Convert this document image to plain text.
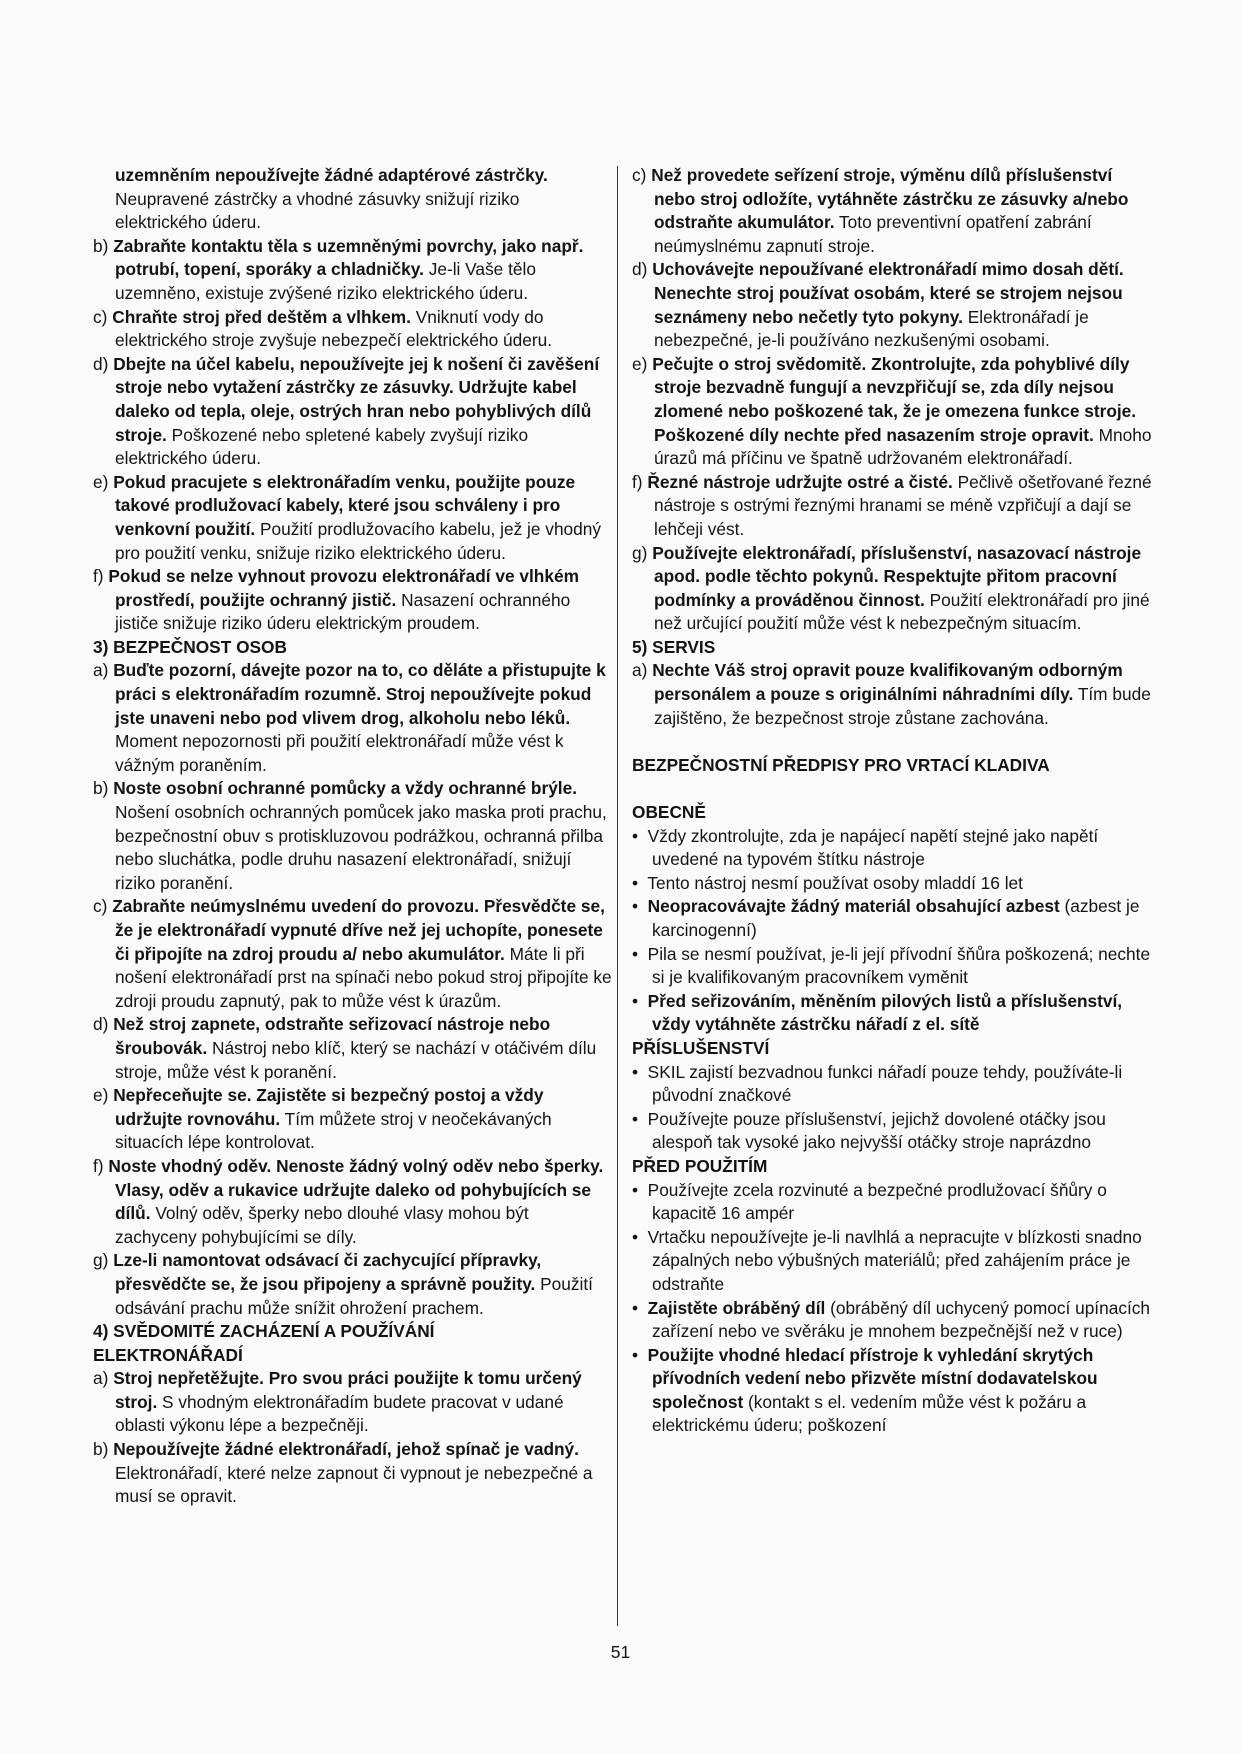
uzemněním nepoužívejte žádné adaptérové zástrčky. Neupravené zástrčky a vhodné zásuvky snižují riziko elektrického úderu.

b) Zabraňte kontaktu těla s uzemněnými povrchy, jako např. potrubí, topení, sporáky a chladničky. Je-li Vaše tělo uzemněno, existuje zvýšené riziko elektrického úderu.

c) Chraňte stroj před deštěm a vlhkem. Vniknutí vody do elektrického stroje zvyšuje nebezpečí elektrického úderu.

d) Dbejte na účel kabelu, nepoužívejte jej k nošení či zavěšení stroje nebo vytažení zástrčky ze zásuvky. Udržujte kabel daleko od tepla, oleje, ostrých hran nebo pohyblivých dílů stroje. Poškozené nebo spletené kabely zvyšují riziko elektrického úderu.

e) Pokud pracujete s elektronářadím venku, použijte pouze takové prodlužovací kabely, které jsou schváleny i pro venkovní použití. Použití prodlužovacího kabelu, jež je vhodný pro použití venku, snižuje riziko elektrického úderu.

f) Pokud se nelze vyhnout provozu elektronářadí ve vlhkém prostředí, použijte ochranný jistič. Nasazení ochranného jističe snižuje riziko úderu elektrickým proudem.

3) BEZPEČNOST OSOB

a) Buďte pozorní, dávejte pozor na to, co děláte a přistupujte k práci s elektronářadím rozumně. Stroj nepoužívejte pokud jste unaveni nebo pod vlivem drog, alkoholu nebo léků. Moment nepozornosti při použití elektronářadí může vést k vážným poraněním.

b) Noste osobní ochranné pomůcky a vždy ochranné brýle. Nošení osobních ochranných pomůcek jako maska proti prachu, bezpečnostní obuv s protiskluzovou podrážkou, ochranná přilba nebo sluchátka, podle druhu nasazení elektronářadí, snižují riziko poranění.

c) Zabraňte neúmyslnému uvedení do provozu. Přesvědčte se, že je elektronářadí vypnuté dříve než jej uchopíte, ponesete či připojíte na zdroj proudu a/ nebo akumulátor. Máte li při nošení elektronářadí prst na spínači nebo pokud stroj připojíte ke zdroji proudu zapnutý, pak to může vést k úrazům.

d) Než stroj zapnete, odstraňte seřizovací nástroje nebo šroubovák. Nástroj nebo klíč, který se nachází v otáčivém dílu stroje, může vést k poranění.

e) Nepřeceňujte se. Zajistěte si bezpečný postoj a vždy udržujte rovnováhu. Tím můžete stroj v neočekávaných situacích lépe kontrolovat.

f) Noste vhodný oděv. Nenoste žádný volný oděv nebo šperky. Vlasy, oděv a rukavice udržujte daleko od pohybujících se dílů. Volný oděv, šperky nebo dlouhé vlasy mohou být zachyceny pohybujícími se díly.

g) Lze-li namontovat odsávací či zachycující přípravky, přesvědčte se, že jsou připojeny a správně použity. Použití odsávání prachu může snížit ohrožení prachem.

4) SVĚDOMITÉ ZACHÁZENÍ A POUŽÍVÁNÍ ELEKTRONÁŘADÍ

a) Stroj nepřetěžujte. Pro svou práci použijte k tomu určený stroj. S vhodným elektronářadím budete pracovat v udané oblasti výkonu lépe a bezpečněji.

b) Nepoužívejte žádné elektronářadí, jehož spínač je vadný. Elektronářadí, které nelze zapnout či vypnout je nebezpečné a musí se opravit.

c) Než provedete seřízení stroje, výměnu dílů příslušenství nebo stroj odložíte, vytáhněte zástrčku ze zásuvky a/nebo odstraňte akumulátor. Toto preventivní opatření zabrání neúmyslnému zapnutí stroje.

d) Uchovávejte nepoužívané elektronářadí mimo dosah dětí. Nenechte stroj používat osobám, které se strojem nejsou seznámeny nebo nečetly tyto pokyny. Elektronářadí je nebezpečné, je-li používáno nezkušenými osobami.

e) Pečujte o stroj svědomitě. Zkontrolujte, zda pohyblivé díly stroje bezvadně fungují a nevzpřičují se, zda díly nejsou zlomené nebo poškozené tak, že je omezena funkce stroje. Poškozené díly nechte před nasazením stroje opravit. Mnoho úrazů má příčinu ve špatně udržovaném elektronářadí.

f) Řezné nástroje udržujte ostré a čisté. Pečlivě ošetřované řezné nástroje s ostrými řeznými hranami se méně vzpřičují a dají se lehčeji vést.

g) Používejte elektronářadí, příslušenství, nasazovací nástroje apod. podle těchto pokynů. Respektujte přitom pracovní podmínky a prováděnou činnost. Použití elektronářadí pro jiné než určující použití může vést k nebezpečným situacím.

5) SERVIS

a) Nechte Váš stroj opravit pouze kvalifikovaným odborným personálem a pouze s originálními náhradními díly. Tím bude zajištěno, že bezpečnost stroje zůstane zachována.

BEZPEČNOSTNÍ PŘEDPISY PRO VRTACÍ KLADIVA

OBECNĚ

• Vždy zkontrolujte, zda je napájecí napětí stejné jako napětí uvedené na typovém štítku nástroje

• Tento nástroj nesmí používat osoby mladdí 16 let

• Neopracovávajte žádný materiál obsahující azbest (azbest je karcinogenní)

• Pila se nesmí používat, je-li její přívodní šňůra poškozená; nechte si je kvalifikovaným pracovníkem vyměnit

•  Před seřizováním, měněním pilových listů a příslušenství, vždy vytáhněte zástrčku nářadí z el. sítě

PŘÍSLUŠENSTVÍ

• SKIL zajistí bezvadnou funkci nářadí pouze tehdy, používáte-li původní značkové

• Používejte pouze příslušenství, jejichž dovolené otáčky jsou alespoň tak vysoké jako nejvyšší otáčky stroje naprázdno

PŘED POUŽITÍM

• Používejte zcela rozvinuté a bezpečné prodlužovací šňůry o kapacitě 16 ampér

• Vrtačku nepoužívejte je-li navlhlá a nepracujte v blízkosti snadno zápalných nebo výbušných materiálů; před zahájením práce je odstraňte

• Zajistěte obráběný díl (obráběný díl uchycený pomocí upínacích zařízení nebo ve svěráku je mnohem bezpečnější než v ruce)

• Použijte vhodné hledací přístroje k vyhledání skrytých přívodních vedení nebo přizvěte místní dodavatelskou společnost (kontakt s el. vedením může vést k požáru a elektrickému úderu; poškození

51
